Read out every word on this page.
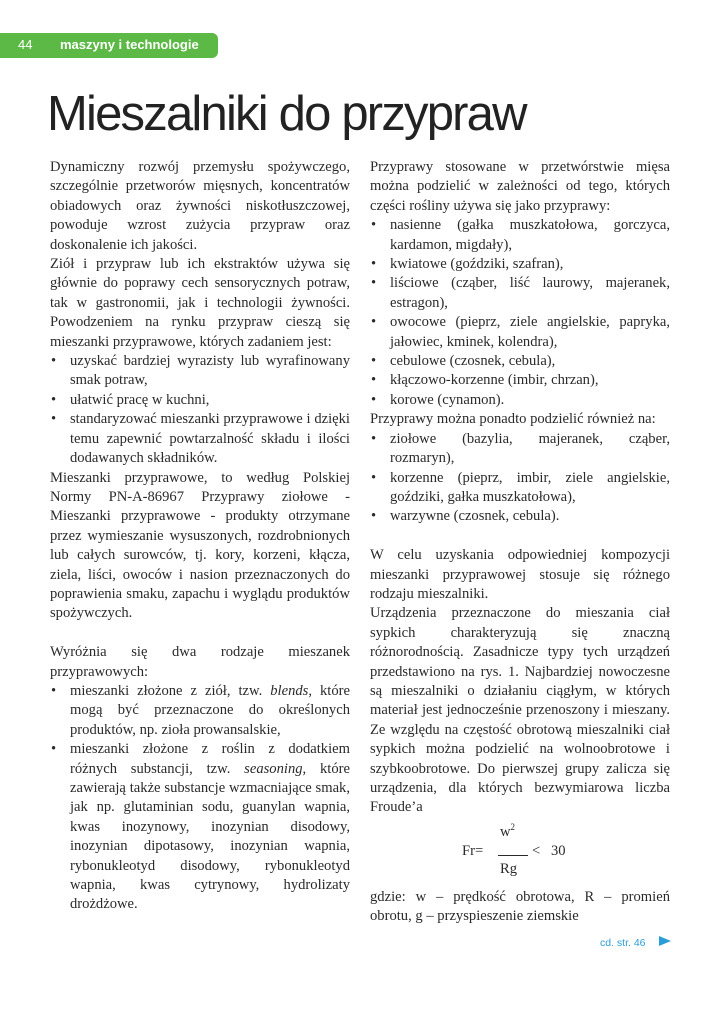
44 maszyny i technologie
Mieszalniki do przypraw

Dynamiczny rozwój przemysłu spożywczego, szczególnie przetworów mięsnych, koncentratów obiadowych oraz żywności niskotłuszczowej, powoduje wzrost zużycia przypraw oraz doskonalenie ich jakości.

Ziół i przypraw lub ich ekstraktów używa się głównie do poprawy cech sensorycznych potraw, tak w gastronomii, jak i technologii żywności. Powodzeniem na rynku przypraw cieszą się mieszanki przyprawowe, których zadaniem jest:

• uzyskać bardziej wyrazisty lub wyrafinowany smak potraw,
• ułatwić pracę w kuchni,
• standaryzować mieszanki przyprawowe i dzięki temu zapewnić powtarzalność składu i ilości dodawanych składników.

Mieszanki przyprawowe, to według Polskiej Normy PN-A-86967 Przyprawy ziołowe - Mieszanki przyprawowe - produkty otrzymane przez wymieszanie wysuszonych, rozdrobnionych lub całych surowców, tj. kory, korzeni, kłącza, ziela, liści, owoców i nasion przeznaczonych do poprawienia smaku, zapachu i wyglądu produktów spożywczych.

Wyróżnia się dwa rodzaje mieszanek przyprawowych:

• mieszanki złożone z ziół, tzw. blends, które mogą być przeznaczone do określonych produktów, np. zioła prowansalskie,
• mieszanki złożone z roślin z dodatkiem różnych substancji, tzw. seasoning, które zawierają także substancje wzmacniające smak, jak np. glutaminian sodu, guanylan wapnia, kwas inozynowy, inozynian disodowy, inozynian dipotasowy, inozynian wapnia, rybonukleotyd disodowy, rybonukleotyd wapnia, kwas cytrynowy, hydrolizaty drożdżowe.

Przyprawy stosowane w przetwórstwie mięsa można podzielić w zależności od tego, których części rośliny używa się jako przyprawy:

• nasienne (gałka muszkatołowa, gorczyca, kardamon, migdały),
• kwiatowe (goździki, szafran),
• liściowe (cząber, liść laurowy, majeranek, estragon),
• owocowe (pieprz, ziele angielskie, papryka, jałowiec, kminek, kolendra),
• cebulowe (czosnek, cebula),
• kłączowo-korzenne (imbir, chrzan),
• korowe (cynamon).

Przyprawy można ponadto podzielić również na:

• ziołowe (bazylia, majeranek, cząber, rozmaryn),
• korzenne (pieprz, imbir, ziele angielskie, goździki, gałka muszkatołowa),
• warzywne (czosnek, cebula).

W celu uzyskania odpowiedniej kompozycji mieszanki przyprawowej stosuje się różnego rodzaju mieszalniki.

Urządzenia przeznaczone do mieszania ciał sypkich charakteryzują się znaczną różnorodnością. Zasadnicze typy tych urządzeń przedstawiono na rys. 1. Najbardziej nowoczesne są mieszalniki o działaniu ciągłym, w których materiał jest jednocześnie przenoszony i mieszany. Ze względu na częstość obrotową mieszalniki ciał sypkich można podzielić na wolnoobrotowe i szybkoobrotowe. Do pierwszej grupy zalicza się urządzenia, dla których bezwymiarowa liczba Froude’a

Fr=
$w^2$
Rg
< 30

gdzie: w – prędkość obrotowa, R – promień obrotu, g – przyspieszenie ziemskie

cd. str. 46
